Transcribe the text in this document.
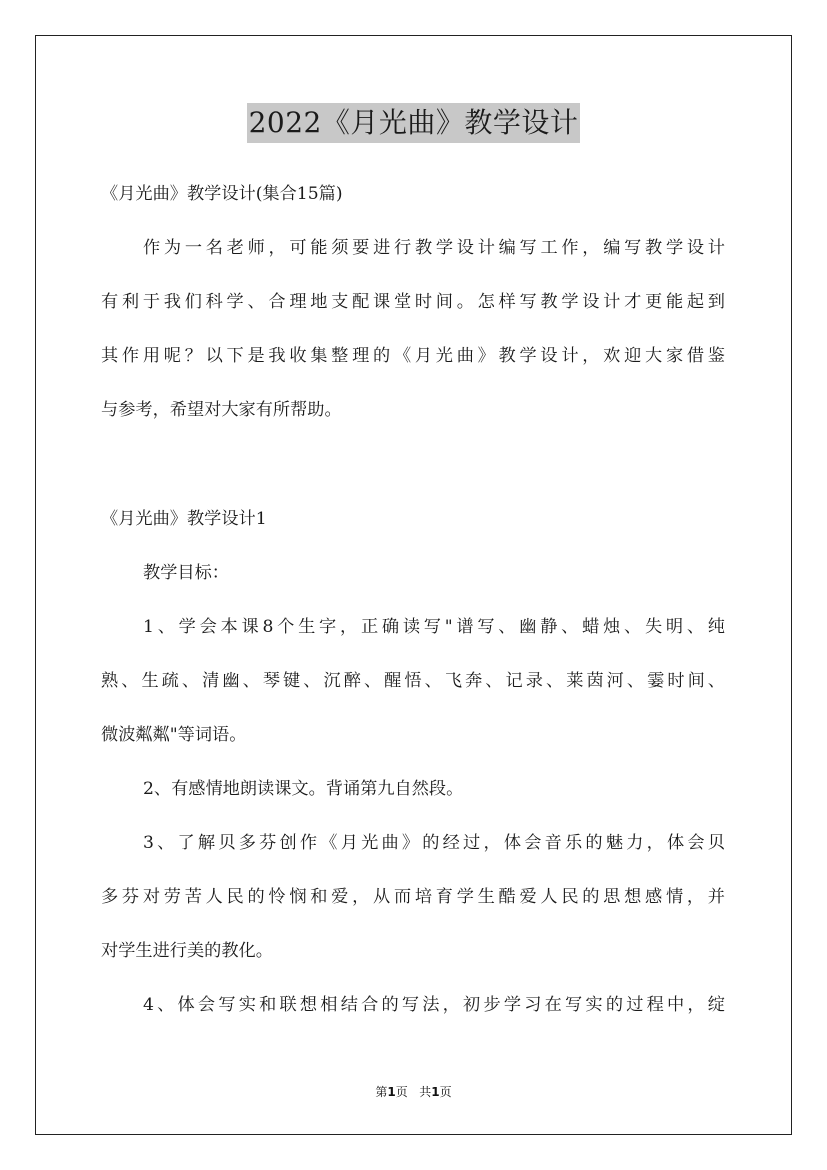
2022《月光曲》教学设计
《月光曲》教学设计(集合15篇)
作为一名老师，可能须要进行教学设计编写工作，编写教学设计
有利于我们科学、合理地支配课堂时间。怎样写教学设计才更能起到
其作用呢？以下是我收集整理的《月光曲》教学设计，欢迎大家借鉴
与参考，希望对大家有所帮助。
《月光曲》教学设计1
教学目标：
1、学会本课8个生字，正确读写"谱写、幽静、蜡烛、失明、纯
熟、生疏、清幽、琴键、沉醉、醒悟、飞奔、记录、莱茵河、霎时间、
微波粼粼"等词语。
2、有感情地朗读课文。背诵第九自然段。
3、了解贝多芬创作《月光曲》的经过，体会音乐的魅力，体会贝
多芬对劳苦人民的怜悯和爱，从而培育学生酷爱人民的思想感情，并
对学生进行美的教化。
4、体会写实和联想相结合的写法，初步学习在写实的过程中，绽
第1页 共1页
